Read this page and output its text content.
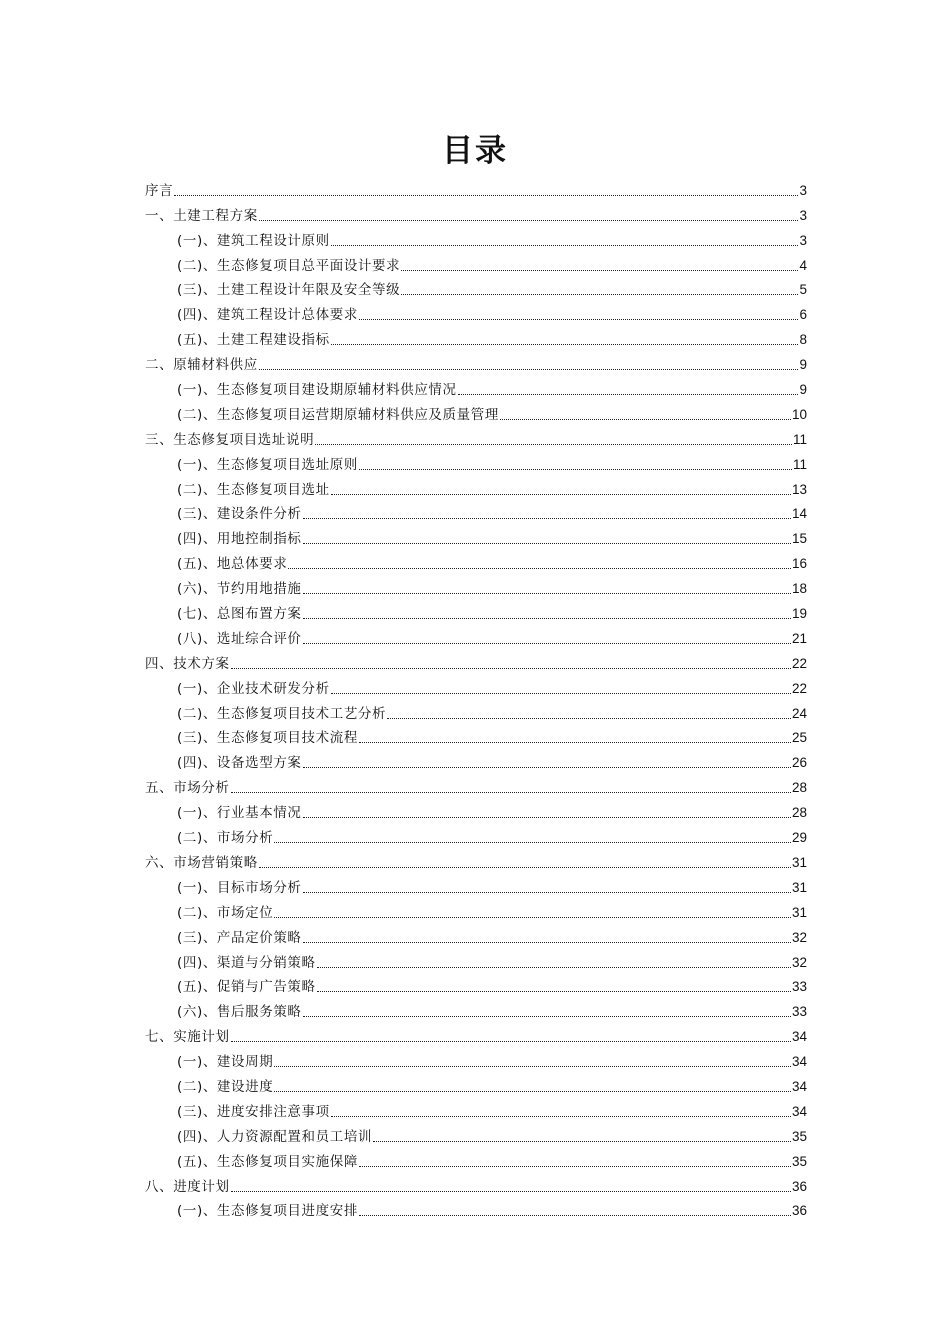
目录
序言	3
一、土建工程方案	3
(一)、建筑工程设计原则	3
(二)、生态修复项目总平面设计要求	4
(三)、土建工程设计年限及安全等级	5
(四)、建筑工程设计总体要求	6
(五)、土建工程建设指标	8
二、原辅材料供应	9
(一)、生态修复项目建设期原辅材料供应情况	9
(二)、生态修复项目运营期原辅材料供应及质量管理	10
三、生态修复项目选址说明	11
(一)、生态修复项目选址原则	11
(二)、生态修复项目选址	13
(三)、建设条件分析	14
(四)、用地控制指标	15
(五)、地总体要求	16
(六)、节约用地措施	18
(七)、总图布置方案	19
(八)、选址综合评价	21
四、技术方案	22
(一)、企业技术研发分析	22
(二)、生态修复项目技术工艺分析	24
(三)、生态修复项目技术流程	25
(四)、设备选型方案	26
五、市场分析	28
(一)、行业基本情况	28
(二)、市场分析	29
六、市场营销策略	31
(一)、目标市场分析	31
(二)、市场定位	31
(三)、产品定价策略	32
(四)、渠道与分销策略	32
(五)、促销与广告策略	33
(六)、售后服务策略	33
七、实施计划	34
(一)、建设周期	34
(二)、建设进度	34
(三)、进度安排注意事项	34
(四)、人力资源配置和员工培训	35
(五)、生态修复项目实施保障	35
八、进度计划	36
(一)、生态修复项目进度安排	36
